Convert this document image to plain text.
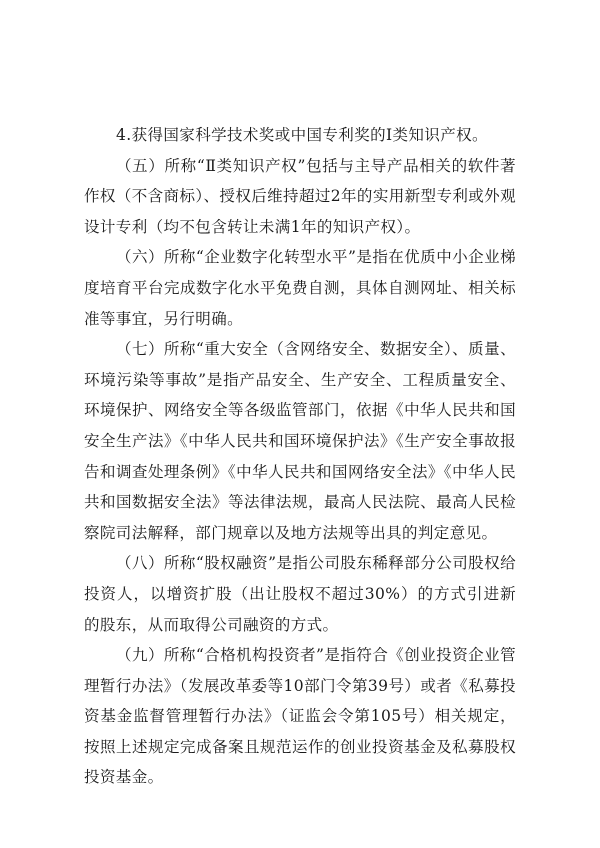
4.获得国家科学技术奖或中国专利奖的Ⅰ类知识产权。

（五）所称“Ⅱ类知识产权”包括与主导产品相关的软件著作权（不含商标）、授权后维持超过2年的实用新型专利或外观设计专利（均不包含转让未满1年的知识产权）。

（六）所称“企业数字化转型水平”是指在优质中小企业梯度培育平台完成数字化水平免费自测，具体自测网址、相关标准等事宜，另行明确。

（七）所称“重大安全（含网络安全、数据安全）、质量、环境污染等事故”是指产品安全、生产安全、工程质量安全、环境保护、网络安全等各级监管部门，依据《中华人民共和国安全生产法》《中华人民共和国环境保护法》《生产安全事故报告和调查处理条例》《中华人民共和国网络安全法》《中华人民共和国数据安全法》等法律法规，最高人民法院、最高人民检察院司法解释，部门规章以及地方法规等出具的判定意见。

（八）所称“股权融资”是指公司股东稀释部分公司股权给投资人，以增资扩股（出让股权不超过30%）的方式引进新的股东，从而取得公司融资的方式。

（九）所称“合格机构投资者”是指符合《创业投资企业管理暂行办法》（发展改革委等10部门令第39号）或者《私募投资基金监督管理暂行办法》（证监会令第105号）相关规定，按照上述规定完成备案且规范运作的创业投资基金及私募股权投资基金。
